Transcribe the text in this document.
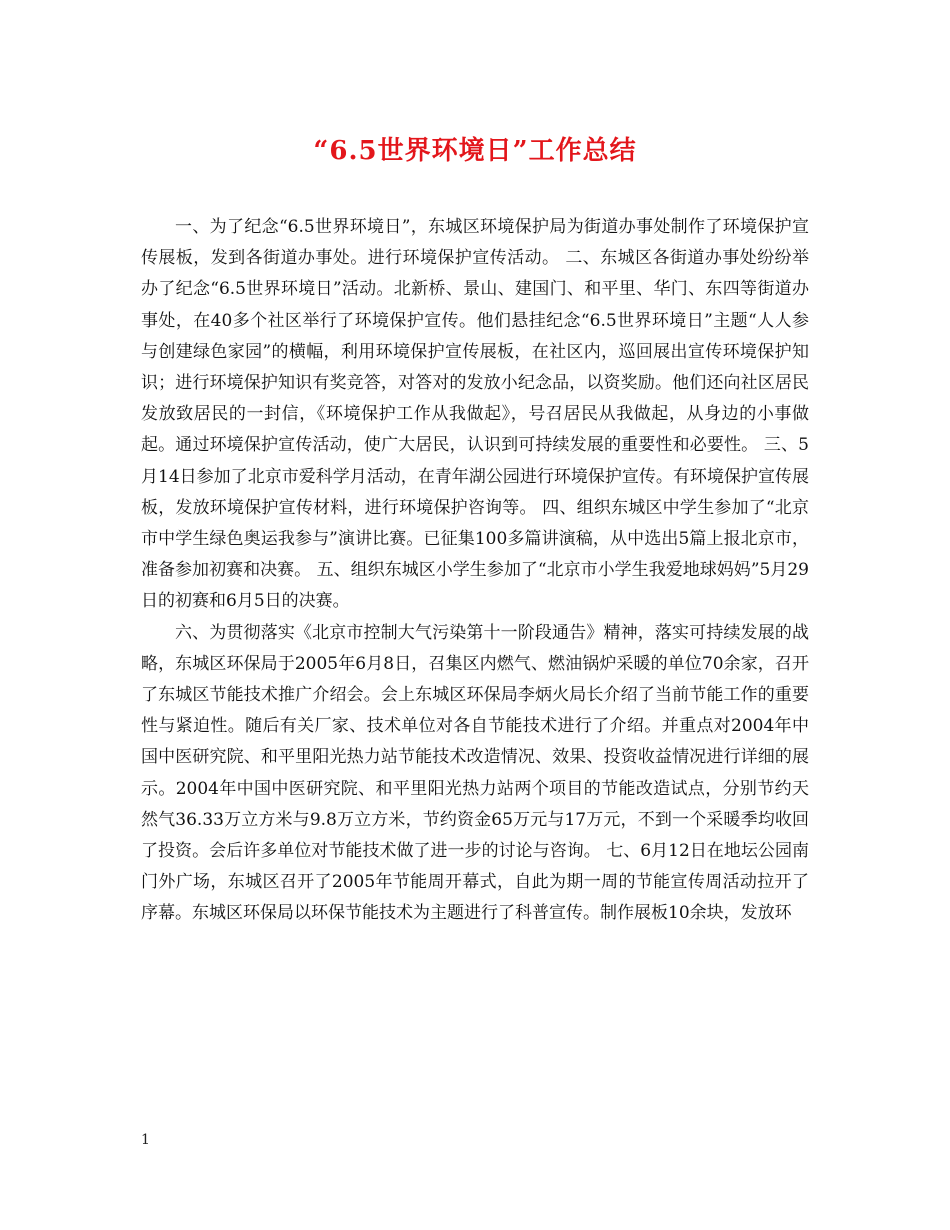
“6.5世界环境日”工作总结

一、为了纪念“6.5世界环境日”，东城区环境保护局为街道办事处制作了环境保护宣传展板，发到各街道办事处。进行环境保护宣传活动。 二、东城区各街道办事处纷纷举办了纪念“6.5世界环境日”活动。北新桥、景山、建国门、和平里、华门、东四等街道办事处，在40多个社区举行了环境保护宣传。他们悬挂纪念“6.5世界环境日”主题“人人参与创建绿色家园”的横幅，利用环境保护宣传展板，在社区内，巡回展出宣传环境保护知识；进行环境保护知识有奖竞答，对答对的发放小纪念品，以资奖励。他们还向社区居民发放致居民的一封信，《环境保护工作从我做起》，号召居民从我做起，从身边的小事做起。通过环境保护宣传活动，使广大居民，认识到可持续发展的重要性和必要性。 三、5月14日参加了北京市爱科学月活动，在青年湖公园进行环境保护宣传。有环境保护宣传展板，发放环境保护宣传材料，进行环境保护咨询等。 四、组织东城区中学生参加了“北京市中学生绿色奥运我参与”演讲比赛。已征集100多篇讲演稿，从中选出5篇上报北京市，准备参加初赛和决赛。 五、组织东城区小学生参加了“北京市小学生我爱地球妈妈”5月29日的初赛和6月5日的决赛。

六、为贯彻落实《北京市控制大气污染第十一阶段通告》精神，落实可持续发展的战略，东城区环保局于2005年6月8日，召集区内燃气、燃油锅炉采暖的单位70余家，召开了东城区节能技术推广介绍会。会上东城区环保局李炳火局长介绍了当前节能工作的重要性与紧迫性。随后有关厂家、技术单位对各自节能技术进行了介绍。并重点对2004年中国中医研究院、和平里阳光热力站节能技术改造情况、效果、投资收益情况进行详细的展示。2004年中国中医研究院、和平里阳光热力站两个项目的节能改造试点，分别节约天然气36.33万立方米与9.8万立方米，节约资金65万元与17万元，不到一个采暖季均收回了投资。会后许多单位对节能技术做了进一步的讨论与咨询。 七、6月12日在地坛公园南门外广场，东城区召开了2005年节能周开幕式，自此为期一周的节能宣传周活动拉开了序幕。东城区环保局以环保节能技术为主题进行了科普宣传。制作展板10余块，发放环

1
